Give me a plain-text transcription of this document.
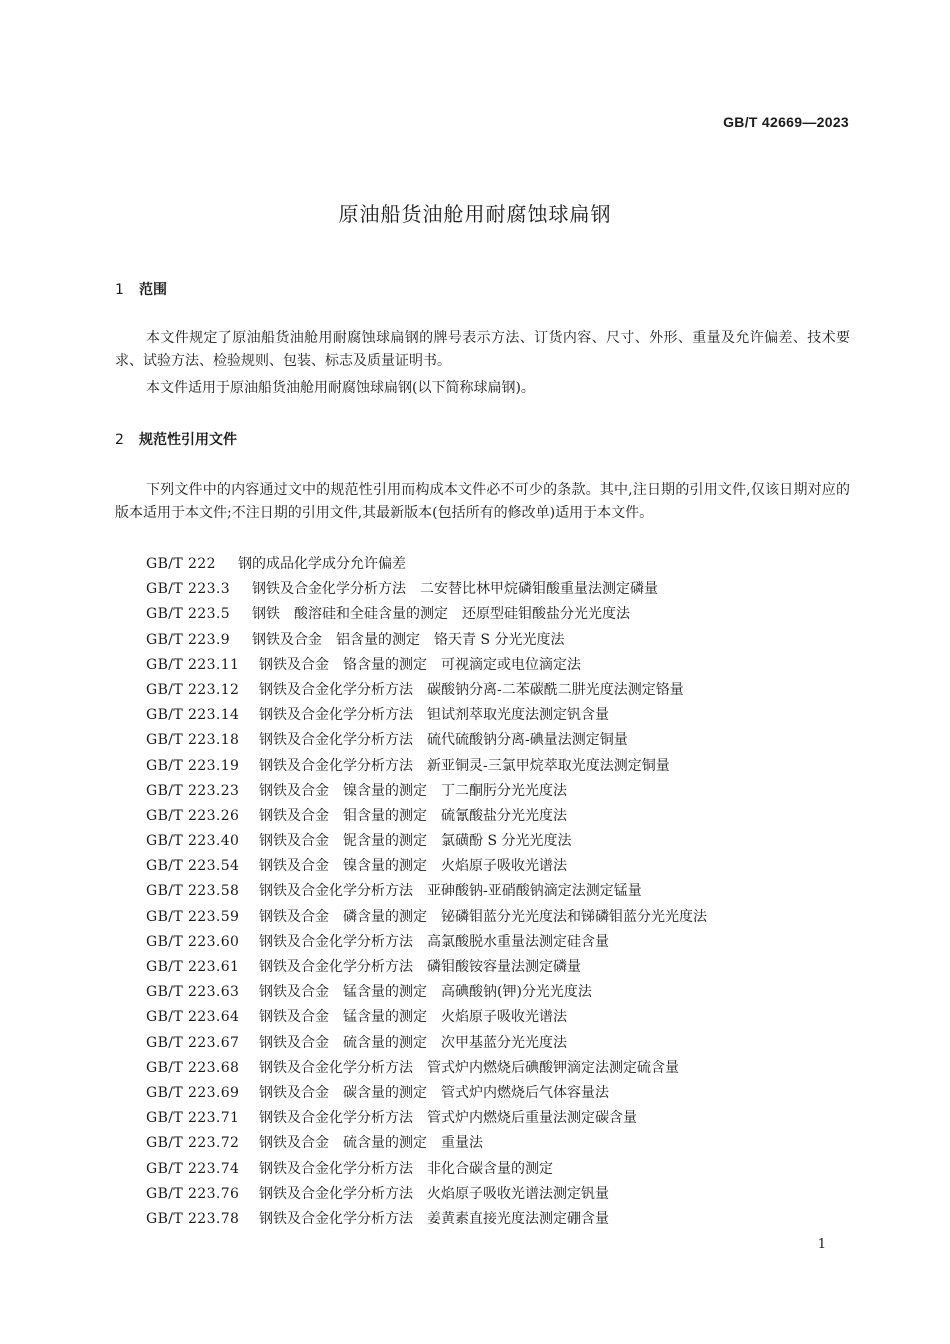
GB/T 42669—2023
原油船货油舱用耐腐蚀球扁钢
1 范围

本文件规定了原油船货油舱用耐腐蚀球扁钢的牌号表示方法、订货内容、尺寸、外形、重量及允许偏差、技术要求、试验方法、检验规则、包装、标志及质量证明书。

本文件适用于原油船货油舱用耐腐蚀球扁钢(以下简称球扁钢)。

2 规范性引用文件

下列文件中的内容通过文中的规范性引用而构成本文件必不可少的条款。其中,注日期的引用文件,仅该日期对应的版本适用于本文件;不注日期的引用文件,其最新版本(包括所有的修改单)适用于本文件。

GB/T 222	钢的成品化学成分允许偏差
GB/T 223.3	钢铁及合金化学分析方法　二安替比林甲烷磷钼酸重量法测定磷量
GB/T 223.5	钢铁　酸溶硅和全硅含量的测定　还原型硅钼酸盐分光光度法
GB/T 223.9	钢铁及合金　铝含量的测定　铬天青 S 分光光度法
GB/T 223.11	钢铁及合金　铬含量的测定　可视滴定或电位滴定法
GB/T 223.12	钢铁及合金化学分析方法　碳酸钠分离-二苯碳酰二肼光度法测定铬量
GB/T 223.14	钢铁及合金化学分析方法　钽试剂萃取光度法测定钒含量
GB/T 223.18	钢铁及合金化学分析方法　硫代硫酸钠分离-碘量法测定铜量
GB/T 223.19	钢铁及合金化学分析方法　新亚铜灵-三氯甲烷萃取光度法测定铜量
GB/T 223.23	钢铁及合金　镍含量的测定　丁二酮肟分光光度法
GB/T 223.26	钢铁及合金　钼含量的测定　硫氰酸盐分光光度法
GB/T 223.40	钢铁及合金　铌含量的测定　氯磺酚 S 分光光度法
GB/T 223.54	钢铁及合金　镍含量的测定　火焰原子吸收光谱法
GB/T 223.58	钢铁及合金化学分析方法　亚砷酸钠-亚硝酸钠滴定法测定锰量
GB/T 223.59	钢铁及合金　磷含量的测定　铋磷钼蓝分光光度法和锑磷钼蓝分光光度法
GB/T 223.60	钢铁及合金化学分析方法　高氯酸脱水重量法测定硅含量
GB/T 223.61	钢铁及合金化学分析方法　磷钼酸铵容量法测定磷量
GB/T 223.63	钢铁及合金　锰含量的测定　高碘酸钠(钾)分光光度法
GB/T 223.64	钢铁及合金　锰含量的测定　火焰原子吸收光谱法
GB/T 223.67	钢铁及合金　硫含量的测定　次甲基蓝分光光度法
GB/T 223.68	钢铁及合金化学分析方法　管式炉内燃烧后碘酸钾滴定法测定硫含量
GB/T 223.69	钢铁及合金　碳含量的测定　管式炉内燃烧后气体容量法
GB/T 223.71	钢铁及合金化学分析方法　管式炉内燃烧后重量法测定碳含量
GB/T 223.72	钢铁及合金　硫含量的测定　重量法
GB/T 223.74	钢铁及合金化学分析方法　非化合碳含量的测定
GB/T 223.76	钢铁及合金化学分析方法　火焰原子吸收光谱法测定钒量
GB/T 223.78	钢铁及合金化学分析方法　姜黄素直接光度法测定硼含量
1
